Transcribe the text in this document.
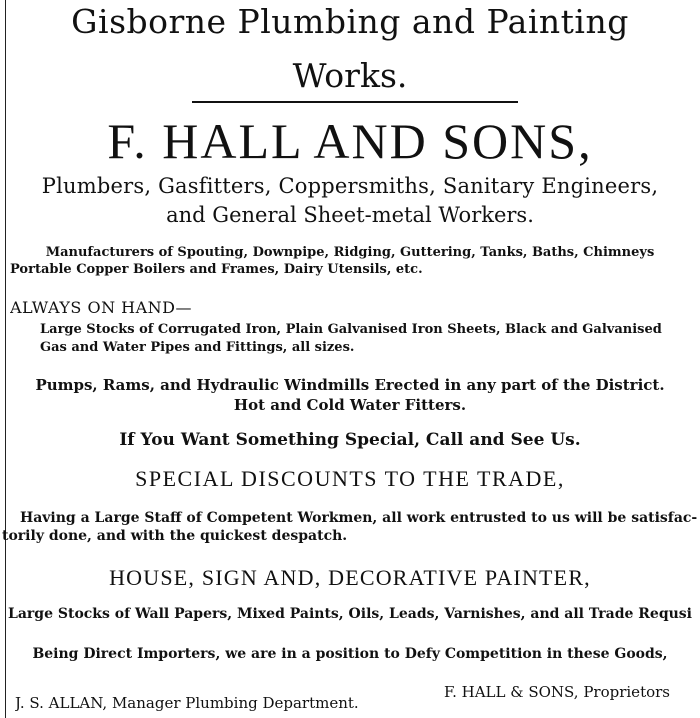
Gisborne Plumbing and Painting
Works.
F. HALL AND SONS,
Plumbers, Gasfitters, Coppersmiths, Sanitary Engineers,
and General Sheet-metal Workers.
Manufacturers of Spouting, Downpipe, Ridging, Guttering, Tanks, Baths, Chimneys
Portable Copper Boilers and Frames, Dairy Utensils, etc.
ALWAYS ON HAND—
Large Stocks of Corrugated Iron, Plain Galvanised Iron Sheets, Black and Galvanised
Gas and Water Pipes and Fittings, all sizes.
Pumps, Rams, and Hydraulic Windmills Erected in any part of the District.
Hot and Cold Water Fitters.
If You Want Something Special, Call and See Us.
SPECIAL DISCOUNTS TO THE TRADE,
Having a Large Staff of Competent Workmen, all work entrusted to us will be satisfac-
torily done, and with the quickest despatch.
HOUSE, SIGN AND, DECORATIVE PAINTER,
Large Stocks of Wall Papers, Mixed Paints, Oils, Leads, Varnishes, and all Trade Requsi
Being Direct Importers, we are in a position to Defy Competition in these Goods,
F. HALL & SONS, Proprietors
J. S. ALLAN, Manager Plumbing Department.
